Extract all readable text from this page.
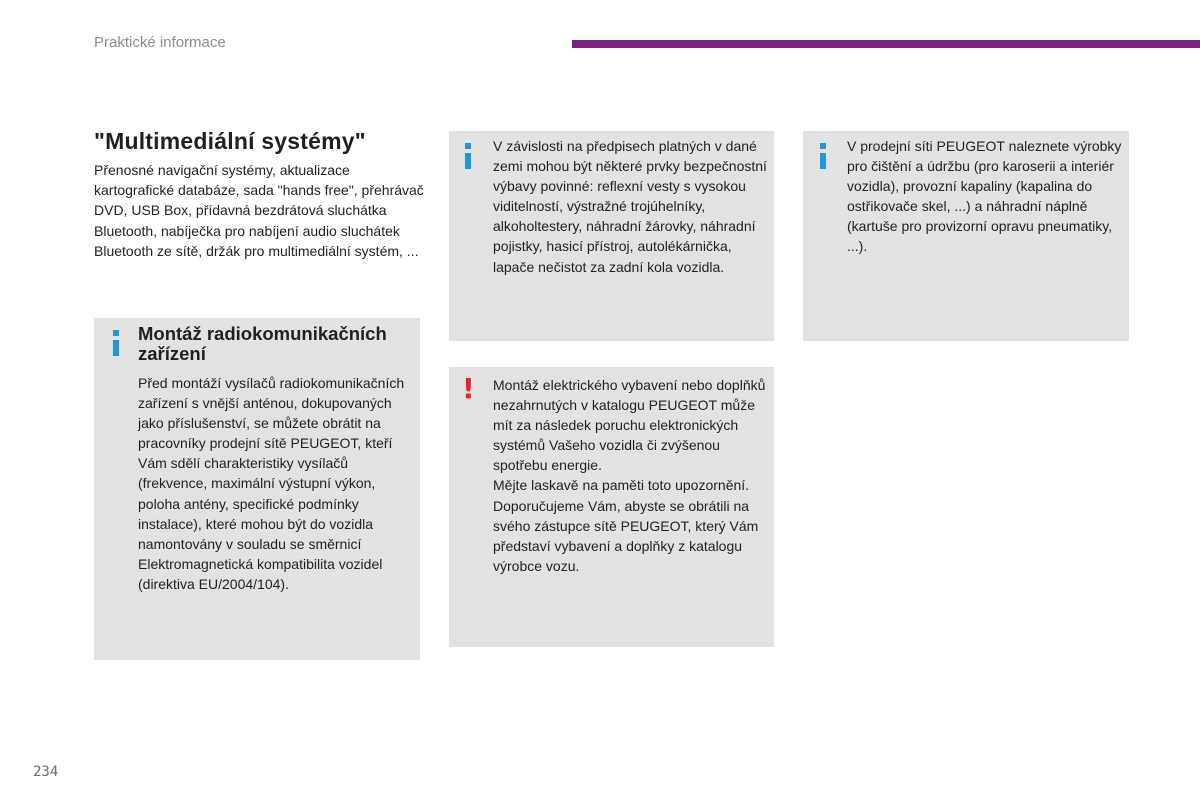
Praktické informace
"Multimediální systémy"

Přenosné navigační systémy, aktualizace kartografické databáze, sada "hands free", přehrávač DVD, USB Box, přídavná bezdrátová sluchátka Bluetooth, nabíječka pro nabíjení audio sluchátek Bluetooth ze sítě, držák pro multimediální systém, ...

Montáž radiokomunikačních zařízení

Před montáží vysílačů radiokomunikačních zařízení s vnější anténou, dokupovaných jako příslušenství, se můžete obrátit na pracovníky prodejní sítě PEUGEOT, kteří Vám sdělí charakteristiky vysílačů (frekvence, maximální výstupní výkon, poloha antény, specifické podmínky instalace), které mohou být do vozidla namontovány v souladu se směrnicí Elektromagnetická kompatibilita vozidel (direktiva EU/2004/104).

V závislosti na předpisech platných v dané zemi mohou být některé prvky bezpečnostní výbavy povinné: reflexní vesty s vysokou viditelností, výstražné trojúhelníky, alkoholtestery, náhradní žárovky, náhradní pojistky, hasicí přístroj, autolékárnička, lapače nečistot za zadní kola vozidla.

V prodejní síti PEUGEOT naleznete výrobky pro čištění a údržbu (pro karoserii a interiér vozidla), provozní kapaliny (kapalina do ostřikovače skel, ...) a náhradní náplně (kartuše pro provizorní opravu pneumatiky, ...).

! Montáž elektrického vybavení nebo doplňků nezahrnutých v katalogu PEUGEOT může mít za následek poruchu elektronických systémů Vašeho vozidla či zvýšenou spotřebu energie.

Mějte laskavě na paměti toto upozornění. Doporučujeme Vám, abyste se obrátili na svého zástupce sítě PEUGEOT, který Vám představí vybavení a doplňky z katalogu výrobce vozu.

234
